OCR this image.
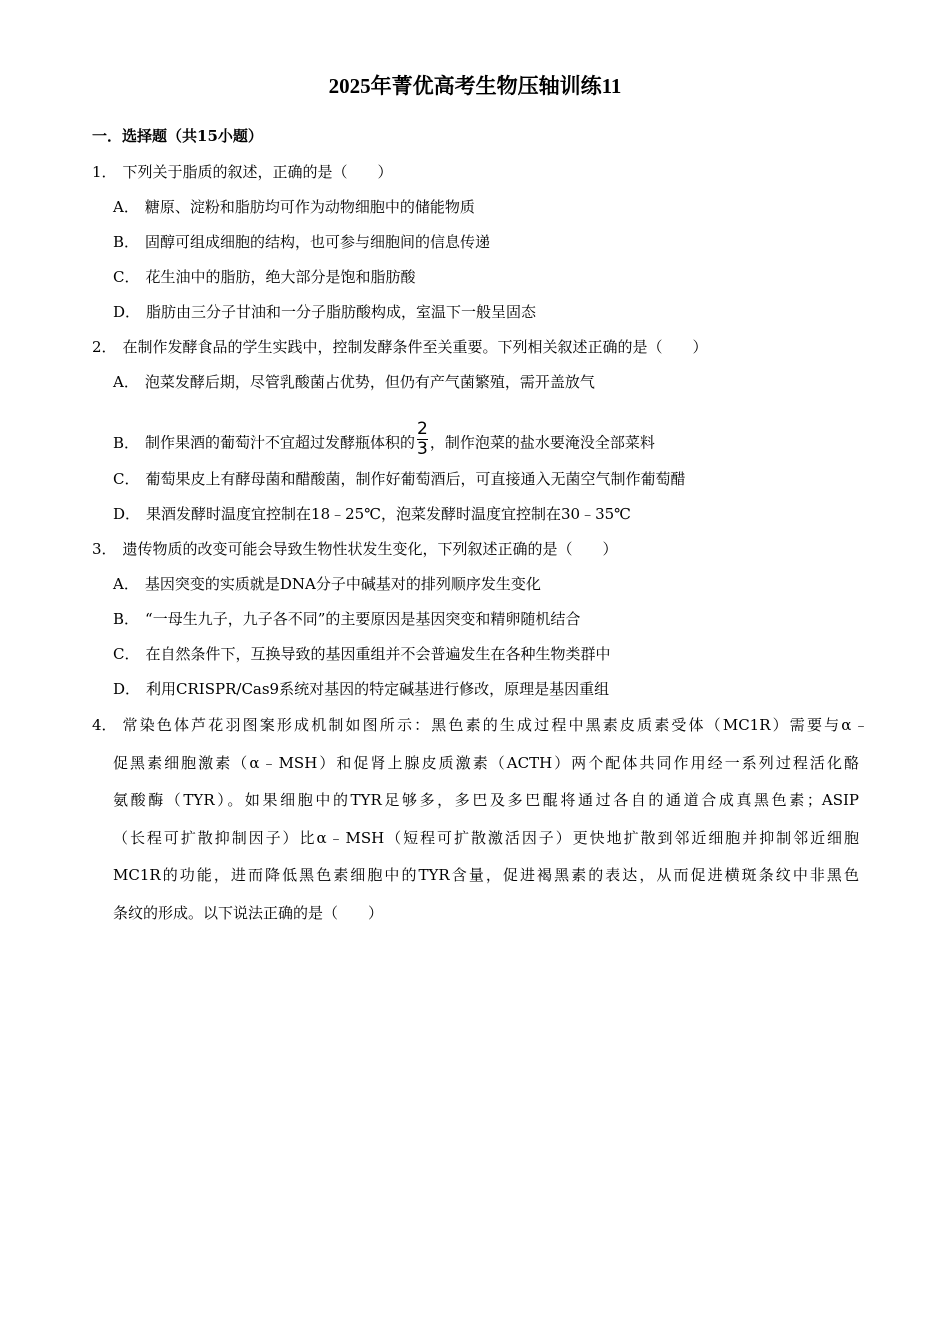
2025年菁优高考生物压轴训练11
一．选择题（共15小题）
1． 下列关于脂质的叙述，正确的是（　　）
A． 糖原、淀粉和脂肪均可作为动物细胞中的储能物质
B． 固醇可组成细胞的结构，也可参与细胞间的信息传递
C． 花生油中的脂肪，绝大部分是饱和脂肪酸
D． 脂肪由三分子甘油和一分子脂肪酸构成，室温下一般呈固态
2． 在制作发酵食品的学生实践中，控制发酵条件至关重要。下列相关叙述正确的是（　　）
A． 泡菜发酵后期，尽管乳酸菌占优势，但仍有产气菌繁殖，需开盖放气
B． 制作果酒的葡萄汁不宜超过发酵瓶体积的 $\frac{2}{3}$ ，制作泡菜的盐水要淹没全部菜料
C． 葡萄果皮上有酵母菌和醋酸菌，制作好葡萄酒后，可直接通入无菌空气制作葡萄醋
D． 果酒发酵时温度宜控制在18﹣25℃，泡菜发酵时温度宜控制在30﹣35℃
3． 遗传物质的改变可能会导致生物性状发生变化，下列叙述正确的是（　　）
A． 基因突变的实质就是DNA分子中碱基对的排列顺序发生变化
B． “一母生九子，九子各不同”的主要原因是基因突变和精卵随机结合
C． 在自然条件下，互换导致的基因重组并不会普遍发生在各种生物类群中
D． 利用CRISPR/Cas9系统对基因的特定碱基进行修改，原理是基因重组
4． 常染色体芦花羽图案形成机制如图所示：黑色素的生成过程中黑素皮质素受体（MC1R）需要与α﹣
促黑素细胞激素（α﹣MSH）和促肾上腺皮质激素（ACTH）两个配体共同作用经一系列过程活化酪
氨酸酶（TYR）。如果细胞中的TYR足够多，多巴及多巴醌将通过各自的通道合成真黑色素；ASIP
（长程可扩散抑制因子）比α﹣MSH（短程可扩散激活因子）更快地扩散到邻近细胞并抑制邻近细胞
MC1R的功能，进而降低黑色素细胞中的TYR含量，促进褐黑素的表达，从而促进横斑条纹中非黑色
条纹的形成。以下说法正确的是（　　）
